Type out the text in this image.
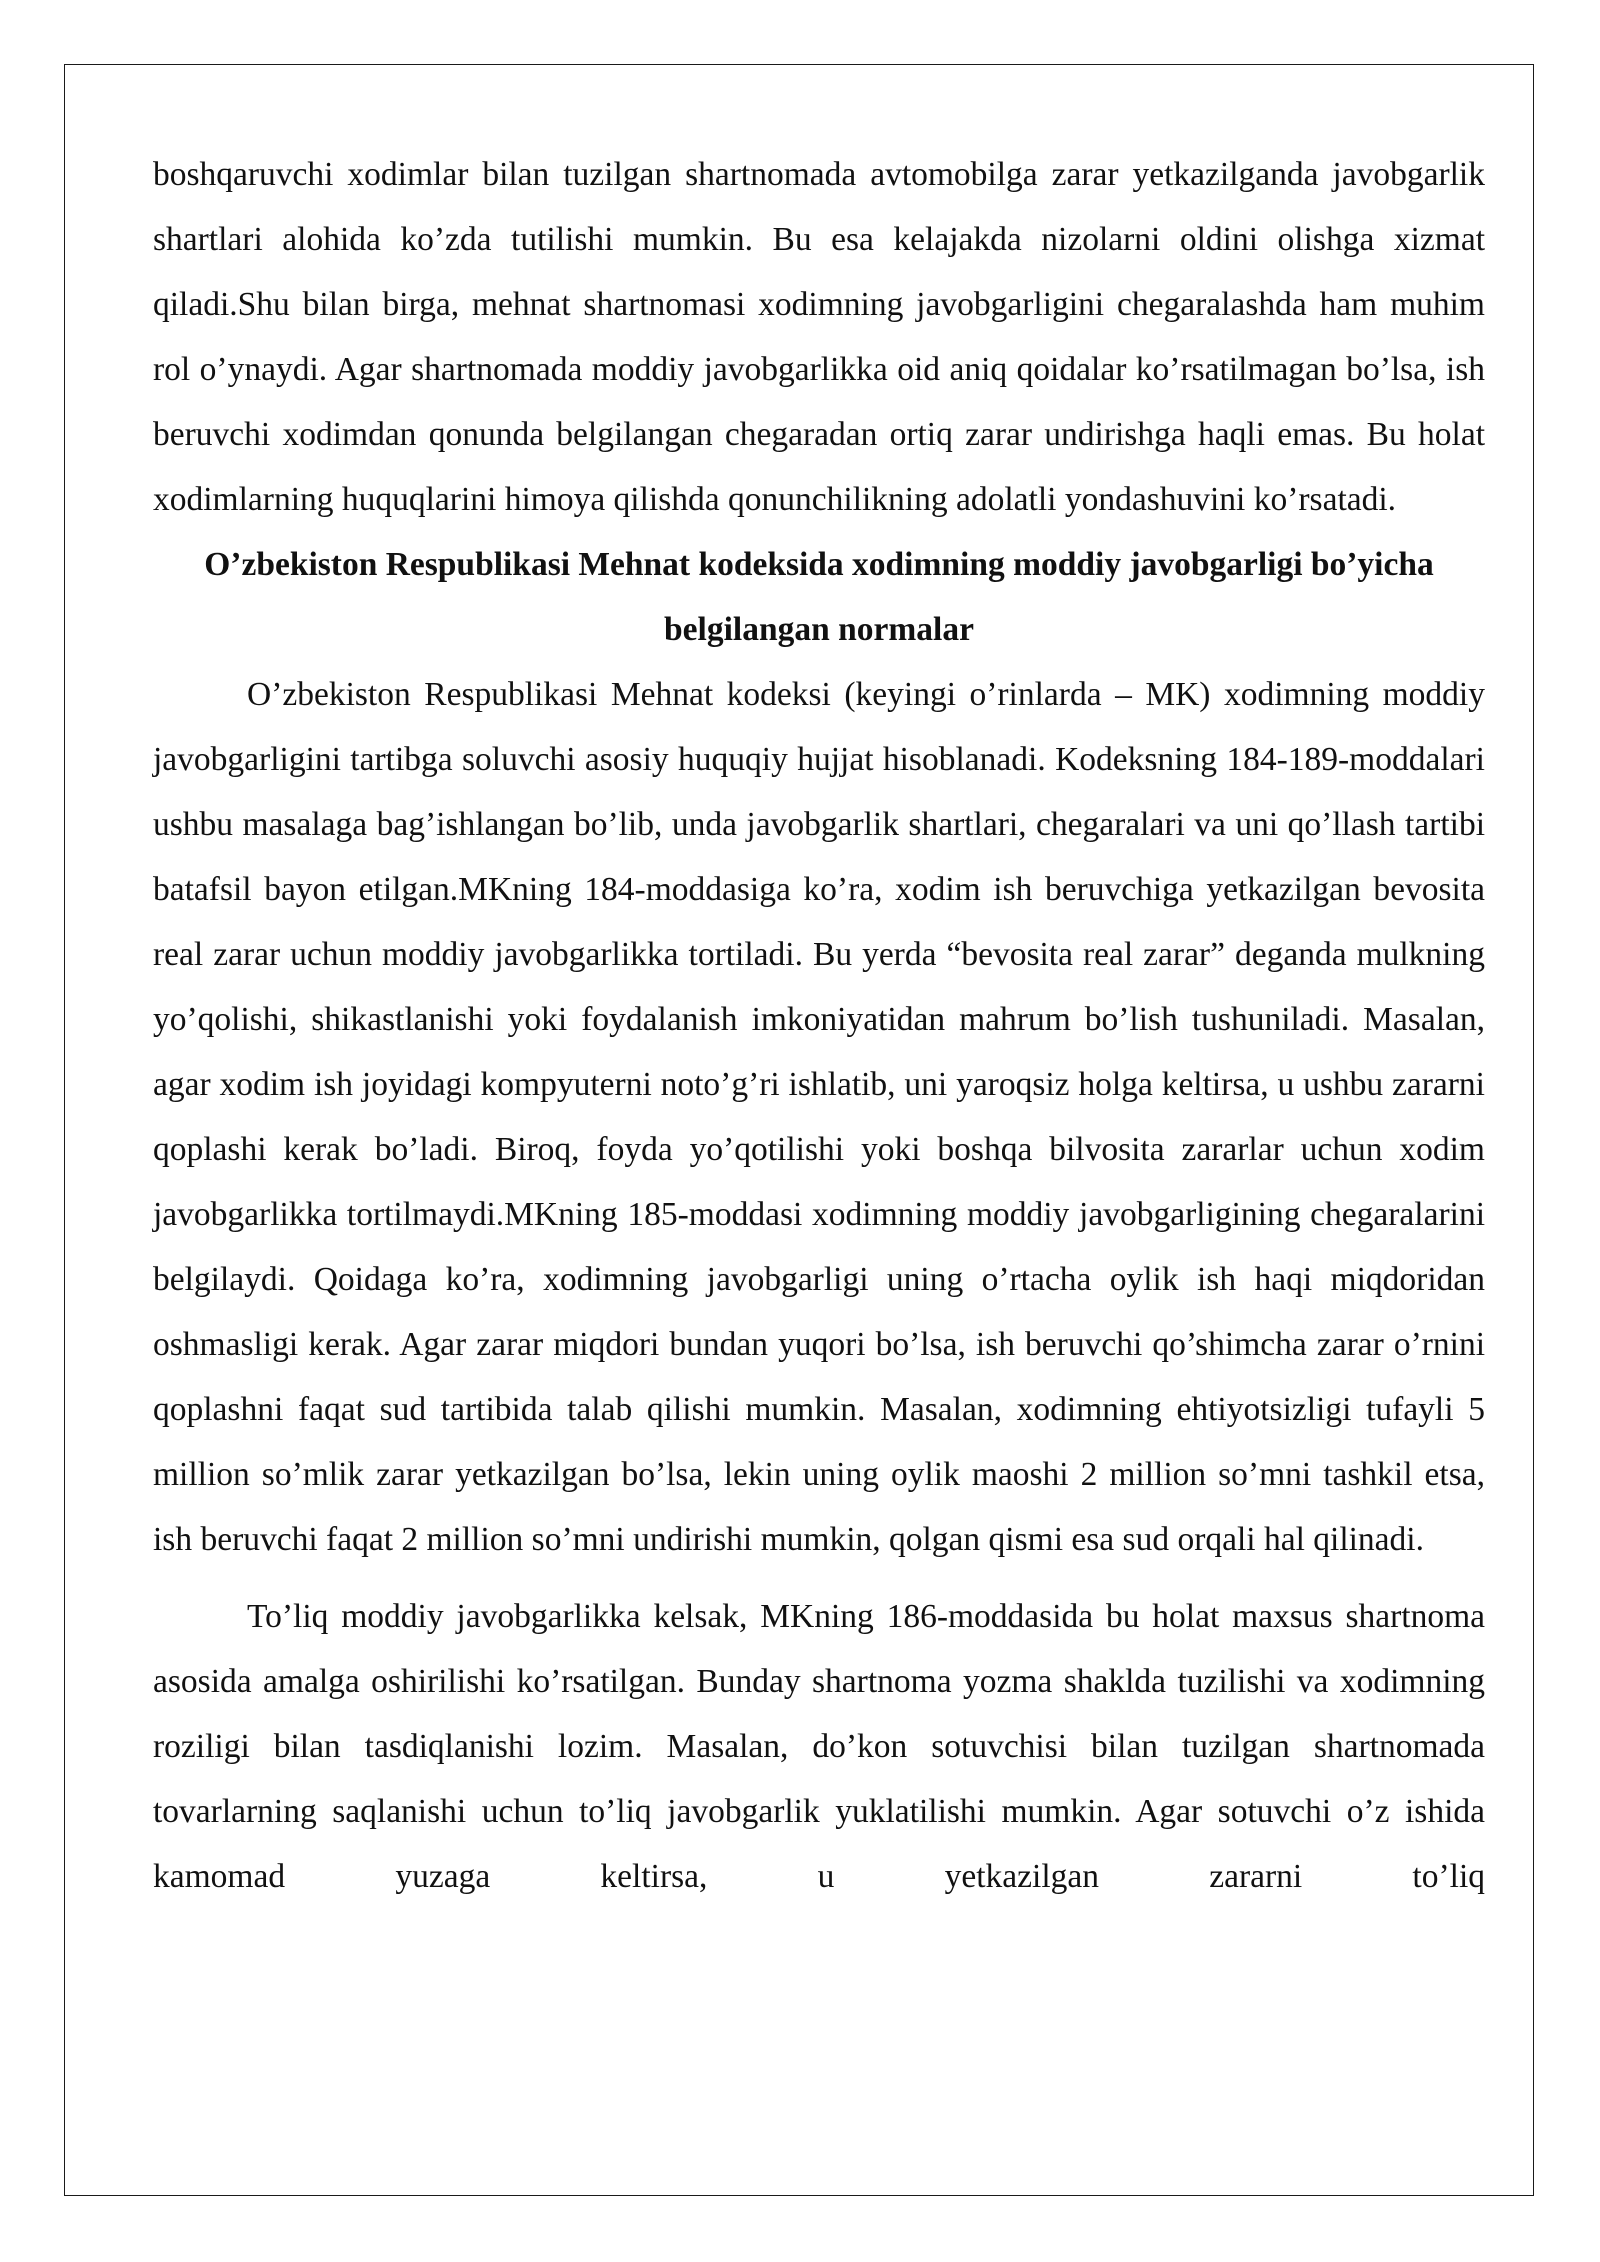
boshqaruvchi xodimlar bilan tuzilgan shartnomada avtomobilga zarar yetkazilganda javobgarlik shartlari alohida ko’zda tutilishi mumkin. Bu esa kelajakda nizolarni oldini olishga xizmat qiladi.Shu bilan birga, mehnat shartnomasi xodimning javobgarligini chegaralashda ham muhim rol o’ynaydi. Agar shartnomada moddiy javobgarlikka oid aniq qoidalar ko’rsatilmagan bo’lsa, ish beruvchi xodimdan qonunda belgilangan chegaradan ortiq zarar undirishga haqli emas. Bu holat xodimlarning huquqlarini himoya qilishda qonunchilikning adolatli yondashuvini ko’rsatadi.

O’zbekiston Respublikasi Mehnat kodeksida xodimning moddiy javobgarligi bo’yicha belgilangan normalar

O’zbekiston Respublikasi Mehnat kodeksi (keyingi o’rinlarda – MK) xodimning moddiy javobgarligini tartibga soluvchi asosiy huquqiy hujjat hisoblanadi. Kodeksning 184-189-moddalari ushbu masalaga bag’ishlangan bo’lib, unda javobgarlik shartlari, chegaralari va uni qo’llash tartibi batafsil bayon etilgan.MKning 184-moddasiga ko’ra, xodim ish beruvchiga yetkazilgan bevosita real zarar uchun moddiy javobgarlikka tortiladi. Bu yerda “bevosita real zarar” deganda mulkning yo’qolishi, shikastlanishi yoki foydalanish imkoniyatidan mahrum bo’lish tushuniladi. Masalan, agar xodim ish joyidagi kompyuterni noto’g’ri ishlatib, uni yaroqsiz holga keltirsa, u ushbu zararni qoplashi kerak bo’ladi. Biroq, foyda yo’qotilishi yoki boshqa bilvosita zararlar uchun xodim javobgarlikka tortilmaydi.MKning 185-moddasi xodimning moddiy javobgarligining chegaralarini belgilaydi. Qoidaga ko’ra, xodimning javobgarligi uning o’rtacha oylik ish haqi miqdoridan oshmasligi kerak. Agar zarar miqdori bundan yuqori bo’lsa, ish beruvchi qo’shimcha zarar o’rnini qoplashni faqat sud tartibida talab qilishi mumkin. Masalan, xodimning ehtiyotsizligi tufayli 5 million so’mlik zarar yetkazilgan bo’lsa, lekin uning oylik maoshi 2 million so’mni tashkil etsa, ish beruvchi faqat 2 million so’mni undirishi mumkin, qolgan qismi esa sud orqali hal qilinadi.

To’liq moddiy javobgarlikka kelsak, MKning 186-moddasida bu holat maxsus shartnoma asosida amalga oshirilishi ko’rsatilgan. Bunday shartnoma yozma shaklda tuzilishi va xodimning roziligi bilan tasdiqlanishi lozim. Masalan, do’kon sotuvchisi bilan tuzilgan shartnomada tovarlarning saqlanishi uchun to’liq javobgarlik yuklatilishi mumkin. Agar sotuvchi o’z ishida kamomad yuzaga keltirsa, u yetkazilgan zararni to’liq
